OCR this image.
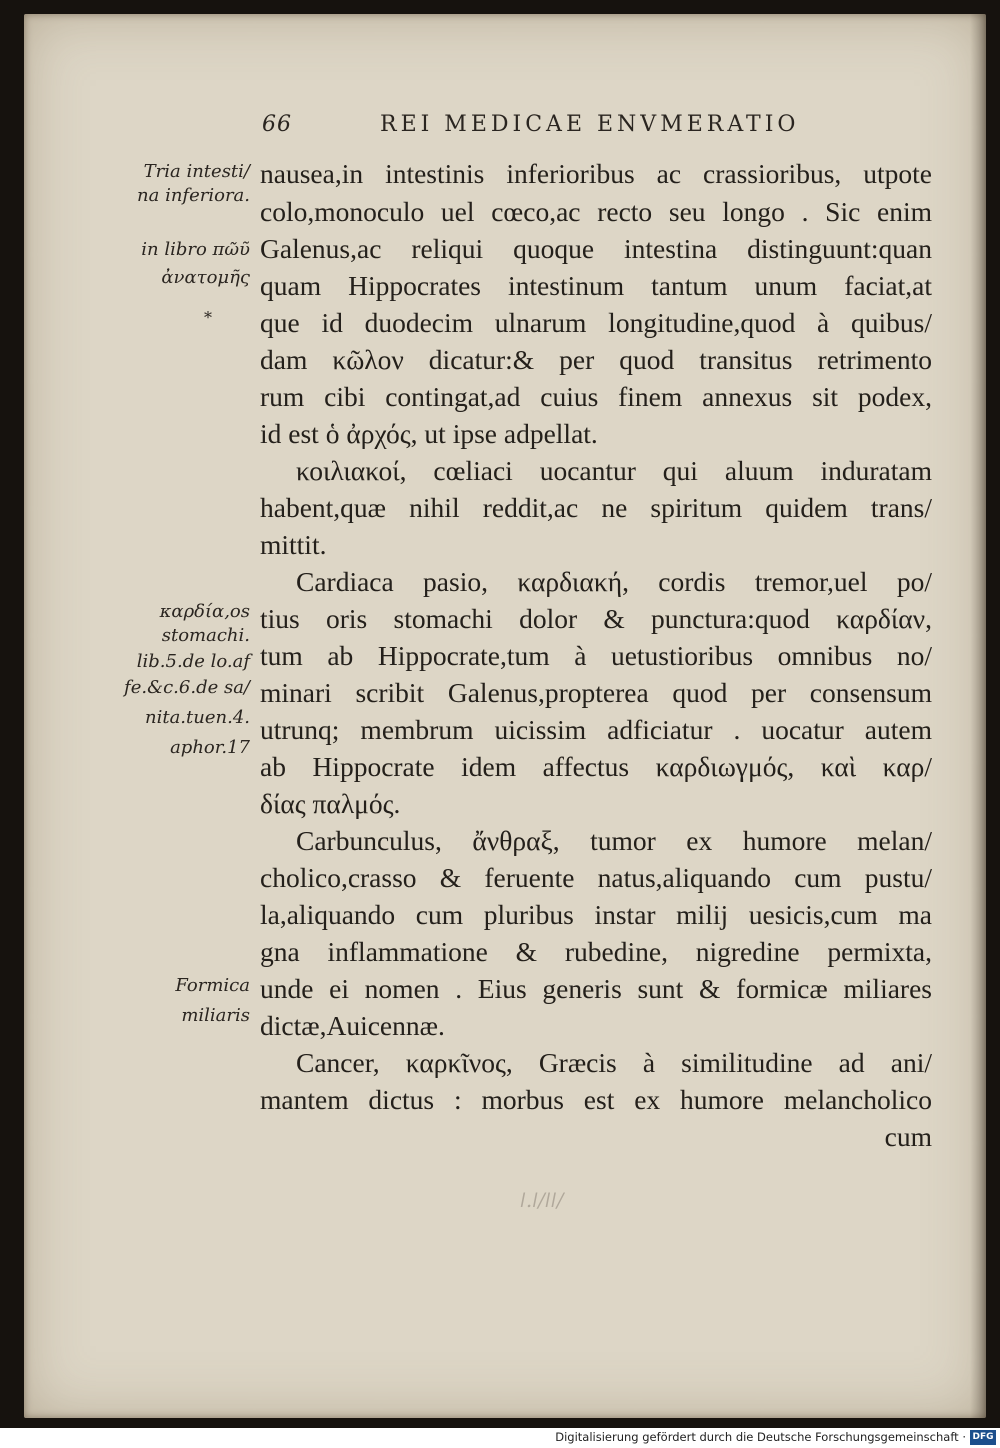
66	REI MEDICAE ENVMERATIO
Tria intesti/
na inferiora.
in libro πῶῦ
ἀνατομῆς
*
καρδία,os
stomachi.
lib.5.de lo.af
fe.&c.6.de sa/
nita.tuen.4.
aphor.17
Formica
miliaris
nausea,in intestinis inferioribus ac crassioribus, utpote
colo,monoculo uel cœco,ac recto seu longo . Sic enim
Galenus,ac reliqui quoque intestina distinguunt:quan
quam Hippocrates intestinum tantum unum faciat,at
que id duodecim ulnarum longitudine,quod à quibus/
dam κῶλον dicatur:& per quod transitus retrimento
rum cibi contingat,ad cuius finem annexus sit podex,
id est ὁ ἀρχός, ut ipse adpellat.
κοιλιακοί, cœliaci uocantur qui aluum induratam
habent,quæ nihil reddit,ac ne spiritum quidem trans/
mittit.
Cardiaca pasio, καρδιακή, cordis tremor,uel po/
tius oris stomachi dolor & punctura:quod καρδίαν,
tum ab Hippocrate,tum à uetustioribus omnibus no/
minari scribit Galenus,propterea quod per consensum
utrunq; membrum uicissim adficiatur . uocatur autem
ab Hippocrate idem affectus καρδιωγμός, καὶ καρ/
δίας παλμός.
Carbunculus, ἄνθραξ, tumor ex humore melan/
cholico,crasso & feruente natus,aliquando cum pustu/
la,aliquando cum pluribus instar milij uesicis,cum ma
gna inflammatione & rubedine, nigredine permixta,
unde ei nomen . Eius generis sunt & formicæ miliares
dictæ,Auicennæ.
Cancer, καρκῖνος, Græcis à similitudine ad ani/
mantem dictus : morbus est ex humore melancholico
cum
ǀ.ǀ/ǀǀ/
Digitalisierung gefördert durch die Deutsche Forschungsgemeinschaft · DFG
